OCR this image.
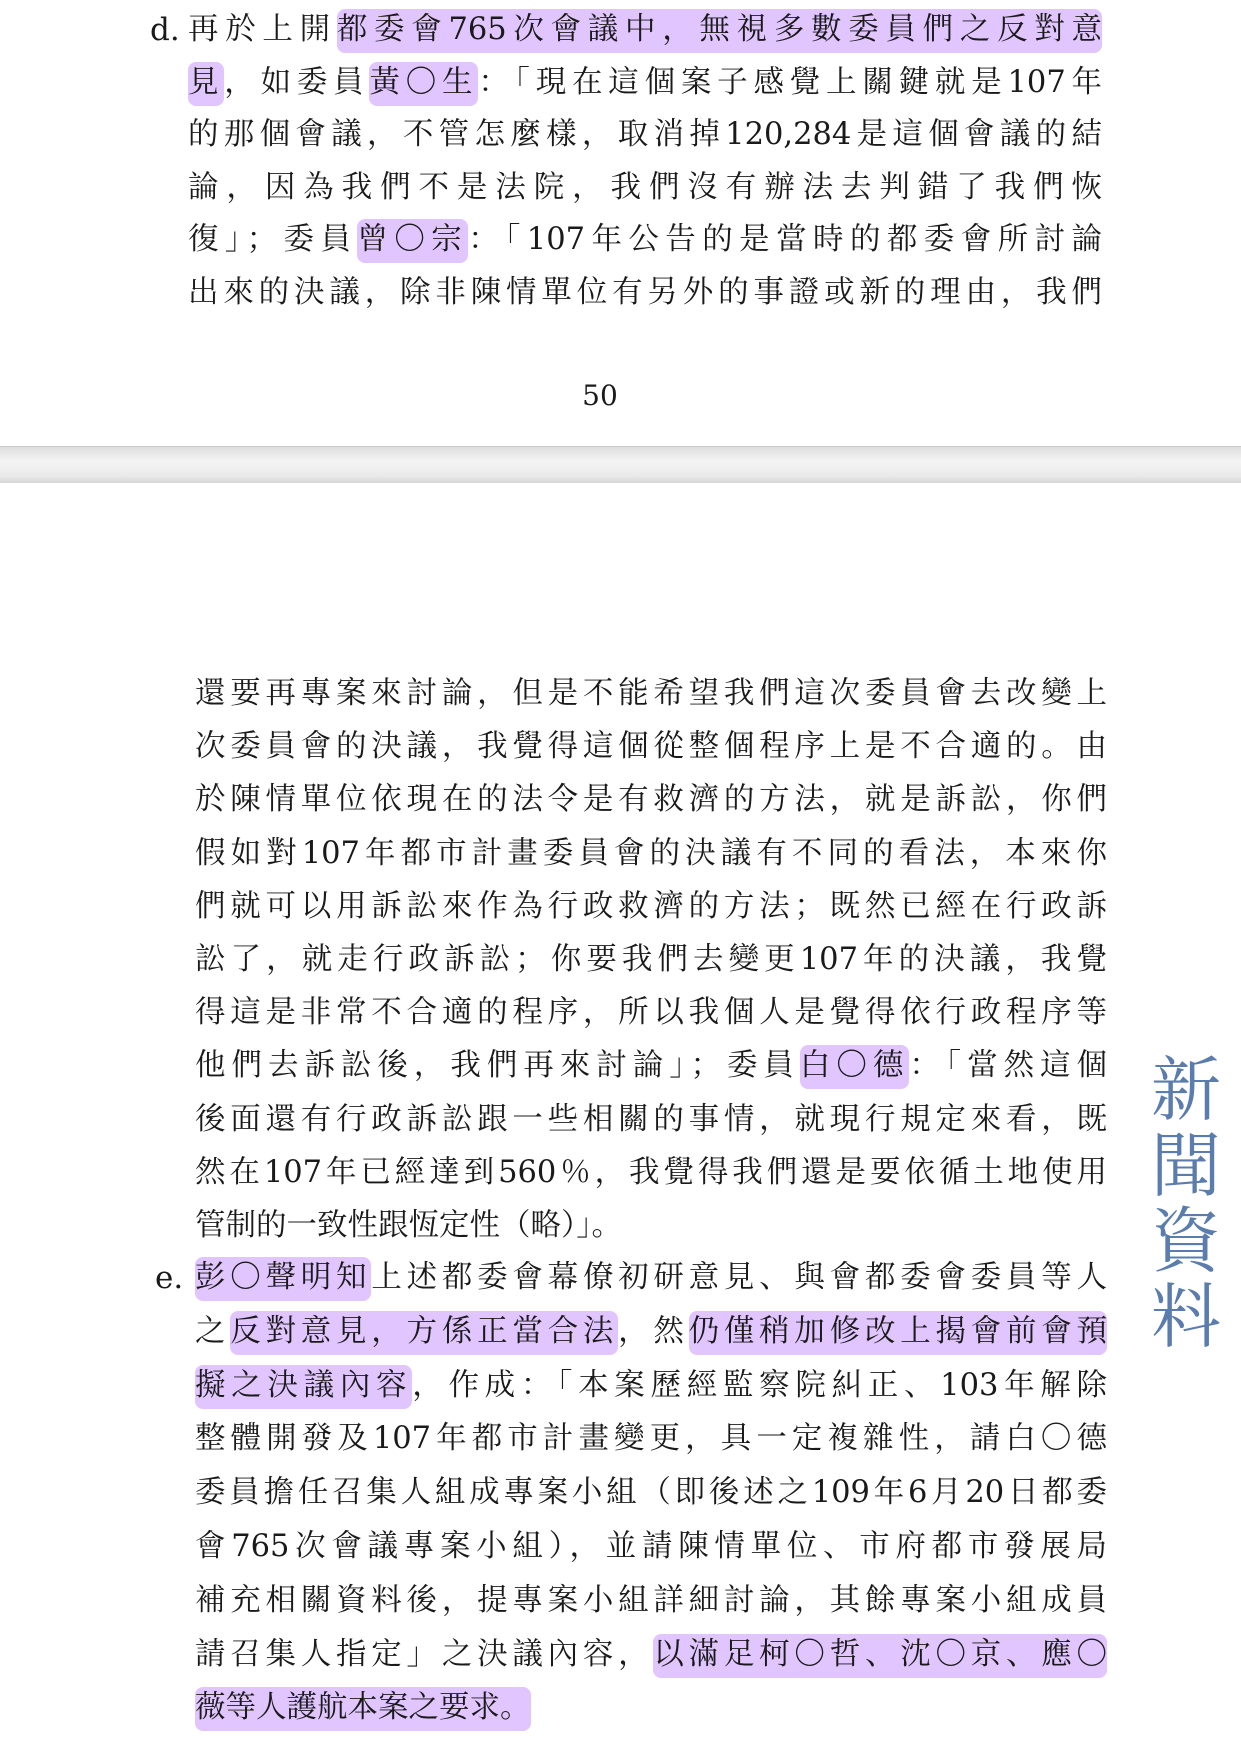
d. 再於上開都委會765次會議中，無視多數委員們之反對意
見，如委員黃〇生：「現在這個案子感覺上關鍵就是107年
的那個會議，不管怎麼樣，取消掉120,284是這個會議的結
論，因為我們不是法院，我們沒有辦法去判錯了我們恢
復」；委員曾〇宗：「107年公告的是當時的都委會所討論
出來的決議，除非陳情單位有另外的事證或新的理由，我們
50
新
聞
資
料
還要再專案來討論，但是不能希望我們這次委員會去改變上
次委員會的決議，我覺得這個從整個程序上是不合適的。由
於陳情單位依現在的法令是有救濟的方法，就是訴訟，你們
假如對107年都市計畫委員會的決議有不同的看法，本來你
們就可以用訴訟來作為行政救濟的方法；既然已經在行政訴
訟了，就走行政訴訟；你要我們去變更107年的決議，我覺
得這是非常不合適的程序，所以我個人是覺得依行政程序等
他們去訴訟後，我們再來討論」；委員白〇德：「當然這個
後面還有行政訴訟跟一些相關的事情，就現行規定來看，既
然在107年已經達到560％，我覺得我們還是要依循土地使用
管制的一致性跟恆定性（略）」。
e. 彭〇聲明知上述都委會幕僚初研意見、與會都委會委員等人
之反對意見，方係正當合法，然仍僅稍加修改上揭會前會預
擬之決議內容，作成：「本案歷經監察院糾正、103年解除
整體開發及107年都市計畫變更，具一定複雜性，請白〇德
委員擔任召集人組成專案小組（即後述之109年6月20日都委
會765次會議專案小組），並請陳情單位、市府都市發展局
補充相關資料後，提專案小組詳細討論，其餘專案小組成員
請召集人指定」之決議內容，以滿足柯〇哲、沈〇京、應〇
薇等人護航本案之要求。
